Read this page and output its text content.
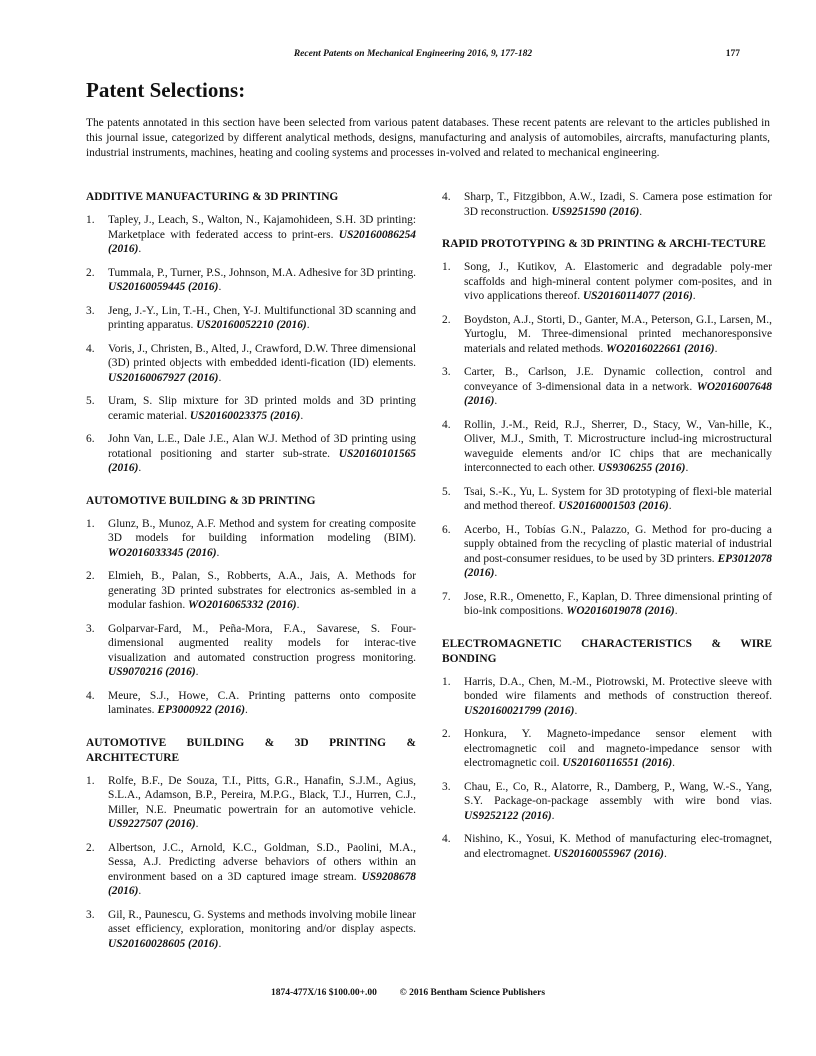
Recent Patents on Mechanical Engineering 2016, 9, 177-182	177
Patent Selections:

The patents annotated in this section have been selected from various patent databases. These recent patents are relevant to the articles published in this journal issue, categorized by different analytical methods, designs, manufacturing and analysis of automobiles, aircrafts, manufacturing plants, industrial instruments, machines, heating and cooling systems and processes in-volved and related to mechanical engineering.

ADDITIVE MANUFACTURING & 3D PRINTING
1.	Tapley, J., Leach, S., Walton, N., Kajamohideen, S.H. 3D printing: Marketplace with federated access to print-ers. US20160086254 (2016).
2.	Tummala, P., Turner, P.S., Johnson, M.A. Adhesive for 3D printing. US20160059445 (2016).
3.	Jeng, J.-Y., Lin, T.-H., Chen, Y-J. Multifunctional 3D scanning and printing apparatus. US20160052210 (2016).
4.	Voris, J., Christen, B., Alted, J., Crawford, D.W. Three dimensional (3D) printed objects with embedded identi-fication (ID) elements. US20160067927 (2016).
5.	Uram, S. Slip mixture for 3D printed molds and 3D printing ceramic material. US20160023375 (2016).
6.	John Van, L.E., Dale J.E., Alan W.J. Method of 3D printing using rotational positioning and starter sub-strate. US20160101565 (2016).
AUTOMOTIVE BUILDING & 3D PRINTING
1.	Glunz, B., Munoz, A.F. Method and system for creating composite 3D models for building information modeling (BIM). WO2016033345 (2016).
2.	Elmieh, B., Palan, S., Robberts, A.A., Jais, A. Methods for generating 3D printed substrates for electronics as-sembled in a modular fashion. WO2016065332 (2016).
3.	Golparvar-Fard, M., Peña-Mora, F.A., Savarese, S. Four-dimensional augmented reality models for interac-tive visualization and automated construction progress monitoring. US9070216 (2016).
4.	Meure, S.J., Howe, C.A. Printing patterns onto composite laminates. EP3000922 (2016).
AUTOMOTIVE BUILDING & 3D PRINTING & ARCHITECTURE
1.	Rolfe, B.F., De Souza, T.I., Pitts, G.R., Hanafin, S.J.M., Agius, S.L.A., Adamson, B.P., Pereira, M.P.G., Black, T.J., Hurren, C.J., Miller, N.E. Pneumatic powertrain for an automotive vehicle. US9227507 (2016).
2.	Albertson, J.C., Arnold, K.C., Goldman, S.D., Paolini, M.A., Sessa, A.J. Predicting adverse behaviors of others within an environment based on a 3D captured image stream. US9208678 (2016).
3.	Gil, R., Paunescu, G. Systems and methods involving mobile linear asset efficiency, exploration, monitoring and/or display aspects. US20160028605 (2016).
4.	Sharp, T., Fitzgibbon, A.W., Izadi, S. Camera pose estimation for 3D reconstruction. US9251590 (2016).
RAPID PROTOTYPING & 3D PRINTING & ARCHI-TECTURE
1.	Song, J., Kutikov, A. Elastomeric and degradable poly-mer scaffolds and high-mineral content polymer com-posites, and in vivo applications thereof. US20160114077 (2016).
2.	Boydston, A.J., Storti, D., Ganter, M.A., Peterson, G.I., Larsen, M., Yurtoglu, M. Three-dimensional printed mechanoresponsive materials and related methods. WO2016022661 (2016).
3.	Carter, B., Carlson, J.E. Dynamic collection, control and conveyance of 3-dimensional data in a network. WO2016007648 (2016).
4.	Rollin, J.-M., Reid, R.J., Sherrer, D., Stacy, W., Van-hille, K., Oliver, M.J., Smith, T. Microstructure includ-ing microstructural waveguide elements and/or IC chips that are mechanically interconnected to each other. US9306255 (2016).
5.	Tsai, S.-K., Yu, L. System for 3D prototyping of flexi-ble material and method thereof. US20160001503 (2016).
6.	Acerbo, H., Tobías G.N., Palazzo, G. Method for pro-ducing a supply obtained from the recycling of plastic material of industrial and post-consumer residues, to be used by 3D printers. EP3012078 (2016).
7.	Jose, R.R., Omenetto, F., Kaplan, D. Three dimensional printing of bio-ink compositions. WO2016019078 (2016).
ELECTROMAGNETIC CHARACTERISTICS & WIRE BONDING
1.	Harris, D.A., Chen, M.-M., Piotrowski, M. Protective sleeve with bonded wire filaments and methods of construction thereof. US20160021799 (2016).
2.	Honkura, Y. Magneto-impedance sensor element with electromagnetic coil and magneto-impedance sensor with electromagnetic coil. US20160116551 (2016).
3.	Chau, E., Co, R., Alatorre, R., Damberg, P., Wang, W.-S., Yang, S.Y. Package-on-package assembly with wire bond vias. US9252122 (2016).
4.	Nishino, K., Yosui, K. Method of manufacturing elec-tromagnet, and electromagnet. US20160055967 (2016).
1874-477X/16 $100.00+.00 © 2016 Bentham Science Publishers
